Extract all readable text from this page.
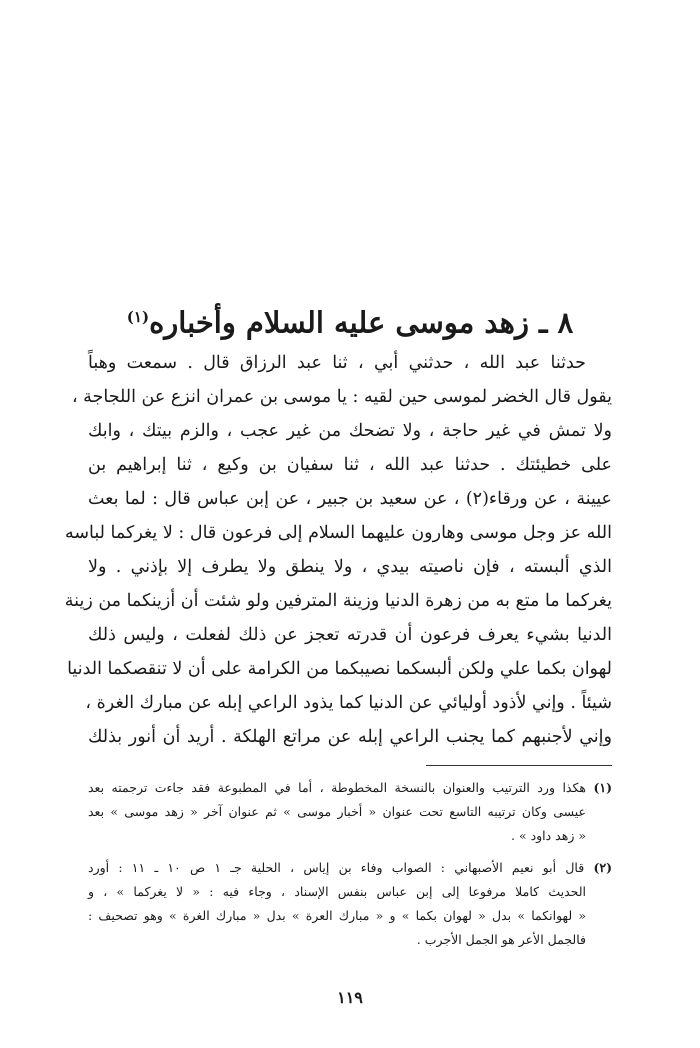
٨ ـ زهد موسى عليه السلام وأخباره$^{(١)}$
حدثنا عبد الله ، حدثني أبي ، ثنا عبد الرزاق قال . سمعت وهباً
يقول قال الخضر لموسى حين لقيه : يا موسى بن عمران انزع عن اللجاجة ،
ولا تمش في غير حاجة ، ولا تضحك من غير عجب ، والزم بيتك ، وابك
على خطيئتك . حدثنا عبد الله ، ثنا سفيان بن وكيع ، ثنا إبراهيم بن
عيينة ، عن ورقاء(٢) ، عن سعيد بن جبير ، عن إبن عباس قال : لما بعث
الله عز وجل موسى وهارون عليهما السلام إلى فرعون قال : لا يغركما لباسه
الذي ألبسته ، فإن ناصيته بيدي ، ولا ينطق ولا يطرف إلا بإذني . ولا
يغركما ما متع به من زهرة الدنيا وزينة المترفين ولو شئت أن أزينكما من زينة
الدنيا بشيء يعرف فرعون أن قدرته تعجز عن ذلك لفعلت ، وليس ذلك
لهوان بكما علي ولكن ألبسكما نصيبكما من الكرامة على أن لا تنقصكما الدنيا
شيئاً . وإني لأذود أوليائي عن الدنيا كما يذود الراعي إبله عن مبارك الغرة ،
وإني لأجنبهم كما يجنب الراعي إبله عن مراتع الهلكة . أريد أن أنور بذلك
(١) هكذا ورد الترتيب والعنوان بالنسخة المخطوطة ، أما في المطبوعة فقد جاءت ترجمته بعد
عيسى وكان ترتيبه التاسع تحت عنوان « أخبار موسى » ثم عنوان آخر « زهد موسى » بعد
« زهد داود » .
(٢) قال أبو نعيم الأصبهاني : الصواب وفاء بن إياس ، الحلية جـ ١ ص ١٠ ـ ١١ : أورد
الحديث كاملا مرفوعا إلى إبن عباس بنفس الإسناد ، وجاء فيه : « لا يغركما » ، و
« لهوانكما » بدل « لهوان بكما » و « مبارك العرة » بدل « مبارك الغرة » وهو تصحيف :
فالجمل الأعر هو الجمل الأجرب .
١١٩
